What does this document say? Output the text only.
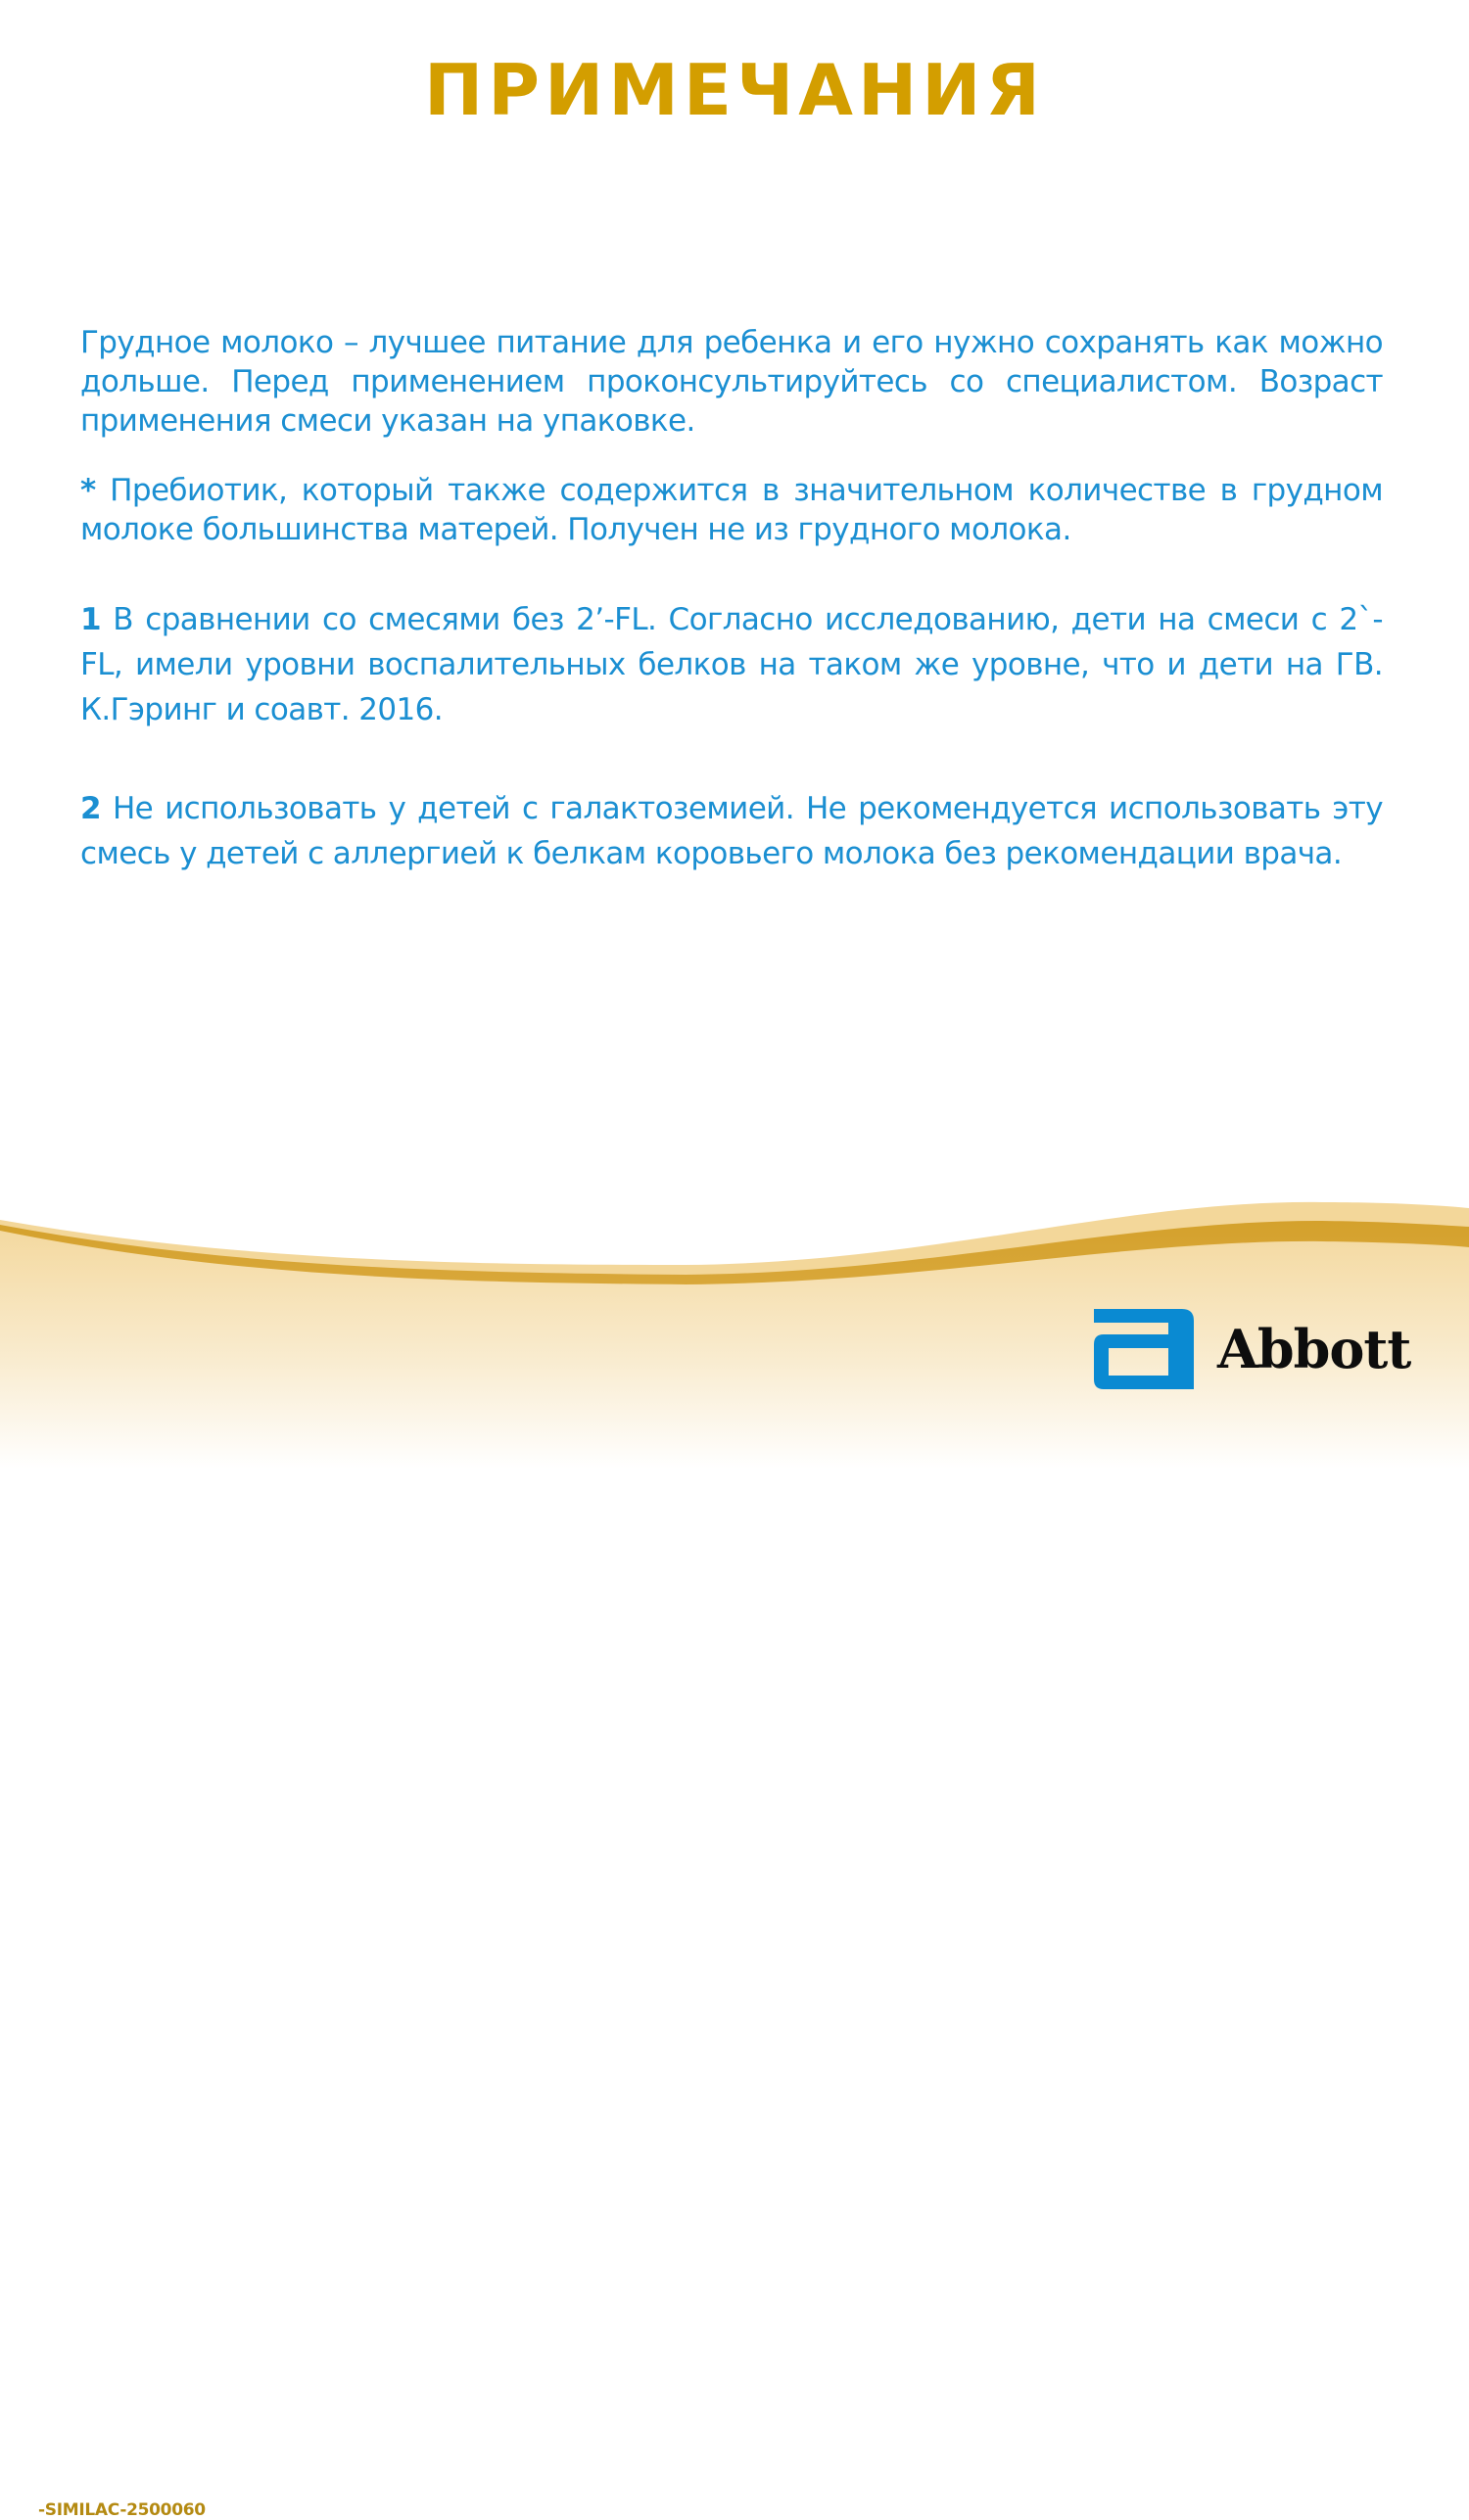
ПРИМЕЧАНИЯ

Грудное молоко – лучшее питание для ребенка и его нужно сохранять как можно дольше. Перед применением проконсультируйтесь со специалистом. Возраст применения смеси указан на упаковке.

* Пребиотик, который также содержится в значительном количестве в грудном молоке большинства матерей. Получен не из грудного молока.

1 В сравнении со смесями без 2’-FL. Согласно исследованию, дети на смеси с 2`-FL, имели уровни воспалительных белков на таком же уровне, что и дети на ГВ. К.Гэринг и соавт. 2016.

2 Не использовать у детей с галактоземией. Не рекомендуется использовать эту смесь у детей с аллергией к белкам коровьего молока без рекомендации врача.

-SIMILAC-2500060
Abbott
